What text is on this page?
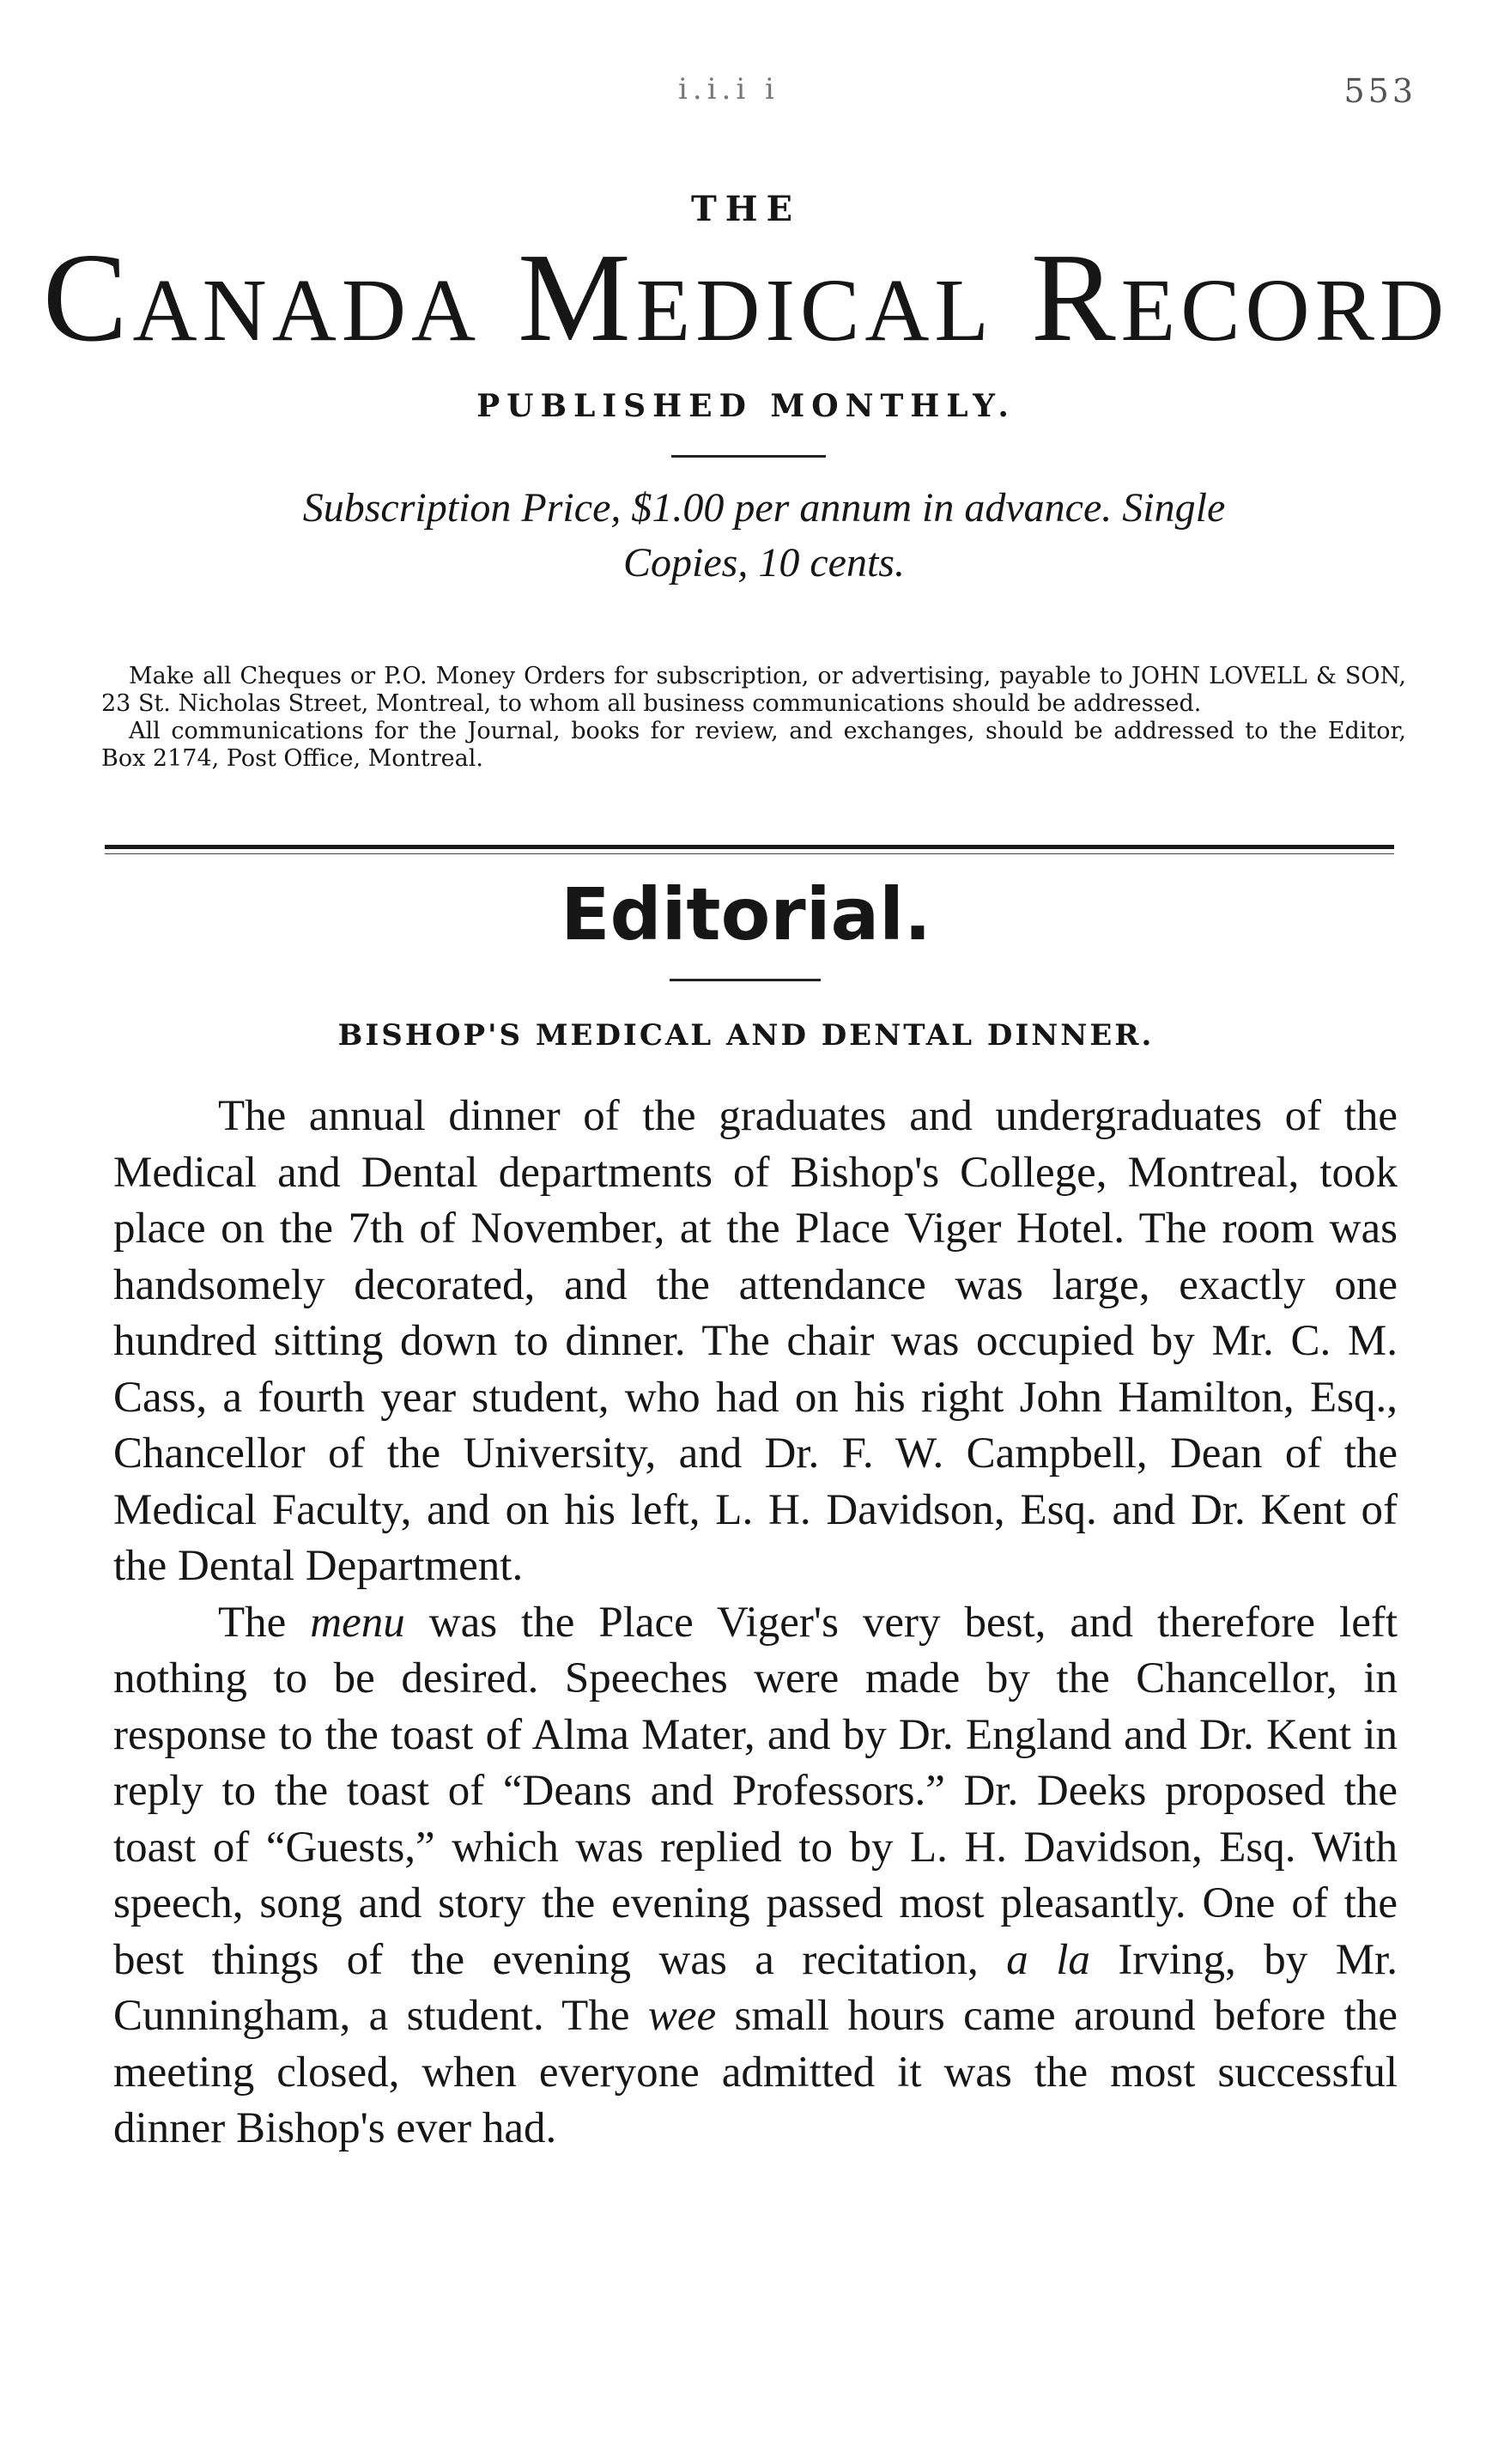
i.i.i i	553
THE
Canada Medical Record
PUBLISHED MONTHLY.
Subscription Price, $1.00 per annum in advance. Single
Copies, 10 cents.

Make all Cheques or P.O. Money Orders for subscription, or advertising, payable to JOHN LOVELL & SON, 23 St. Nicholas Street, Montreal, to whom all business communications should be addressed.

All communications for the Journal, books for review, and exchanges, should be addressed to the Editor, Box 2174, Post Office, Montreal.

Editorial.
BISHOP'S MEDICAL AND DENTAL DINNER.

The annual dinner of the graduates and undergraduates of the Medical and Dental departments of Bishop's College, Montreal, took place on the 7th of November, at the Place Viger Hotel. The room was handsomely decorated, and the attendance was large, exactly one hundred sitting down to dinner. The chair was occupied by Mr. C. M. Cass, a fourth year student, who had on his right John Hamilton, Esq., Chancellor of the University, and Dr. F. W. Campbell, Dean of the Medical Faculty, and on his left, L. H. Davidson, Esq. and Dr. Kent of the Dental Department.

The menu was the Place Viger's very best, and therefore left nothing to be desired. Speeches were made by the Chancellor, in response to the toast of Alma Mater, and by Dr. England and Dr. Kent in reply to the toast of “Deans and Professors.” Dr. Deeks proposed the toast of “Guests,” which was replied to by L. H. Davidson, Esq. With speech, song and story the evening passed most pleasantly. One of the best things of the evening was a recitation, a la Irving, by Mr. Cunningham, a student. The wee small hours came around before the meeting closed, when everyone admitted it was the most successful dinner Bishop's ever had.
